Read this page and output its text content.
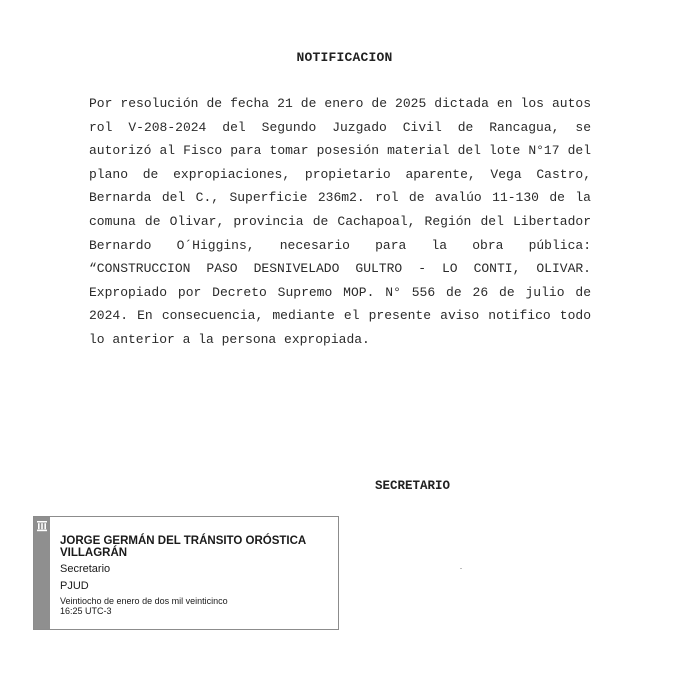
NOTIFICACION

Por resolución de fecha 21 de enero de 2025 dictada en los autos rol V-208-2024 del Segundo Juzgado Civil de Rancagua, se autorizó al Fisco para tomar posesión material del lote N°17 del plano de expropiaciones, propietario aparente, Vega Castro, Bernarda del C., Superficie 236m2. rol de avalúo 11-130 de la comuna de Olivar, provincia de Cachapoal, Región del Libertador Bernardo O´Higgins, necesario para la obra pública: “CONSTRUCCION PASO DESNIVELADO GULTRO - LO CONTI, OLIVAR. Expropiado por Decreto Supremo MOP. N° 556 de 26 de julio de 2024. En consecuencia, mediante el presente aviso notifico todo lo anterior a la persona expropiada.

SECRETARIO
JORGE GERMÁN DEL TRÁNSITO ORÓSTICA VILLAGRÁN
Secretario
PJUD
Veintiocho de enero de dos mil veinticinco
16:25 UTC-3
